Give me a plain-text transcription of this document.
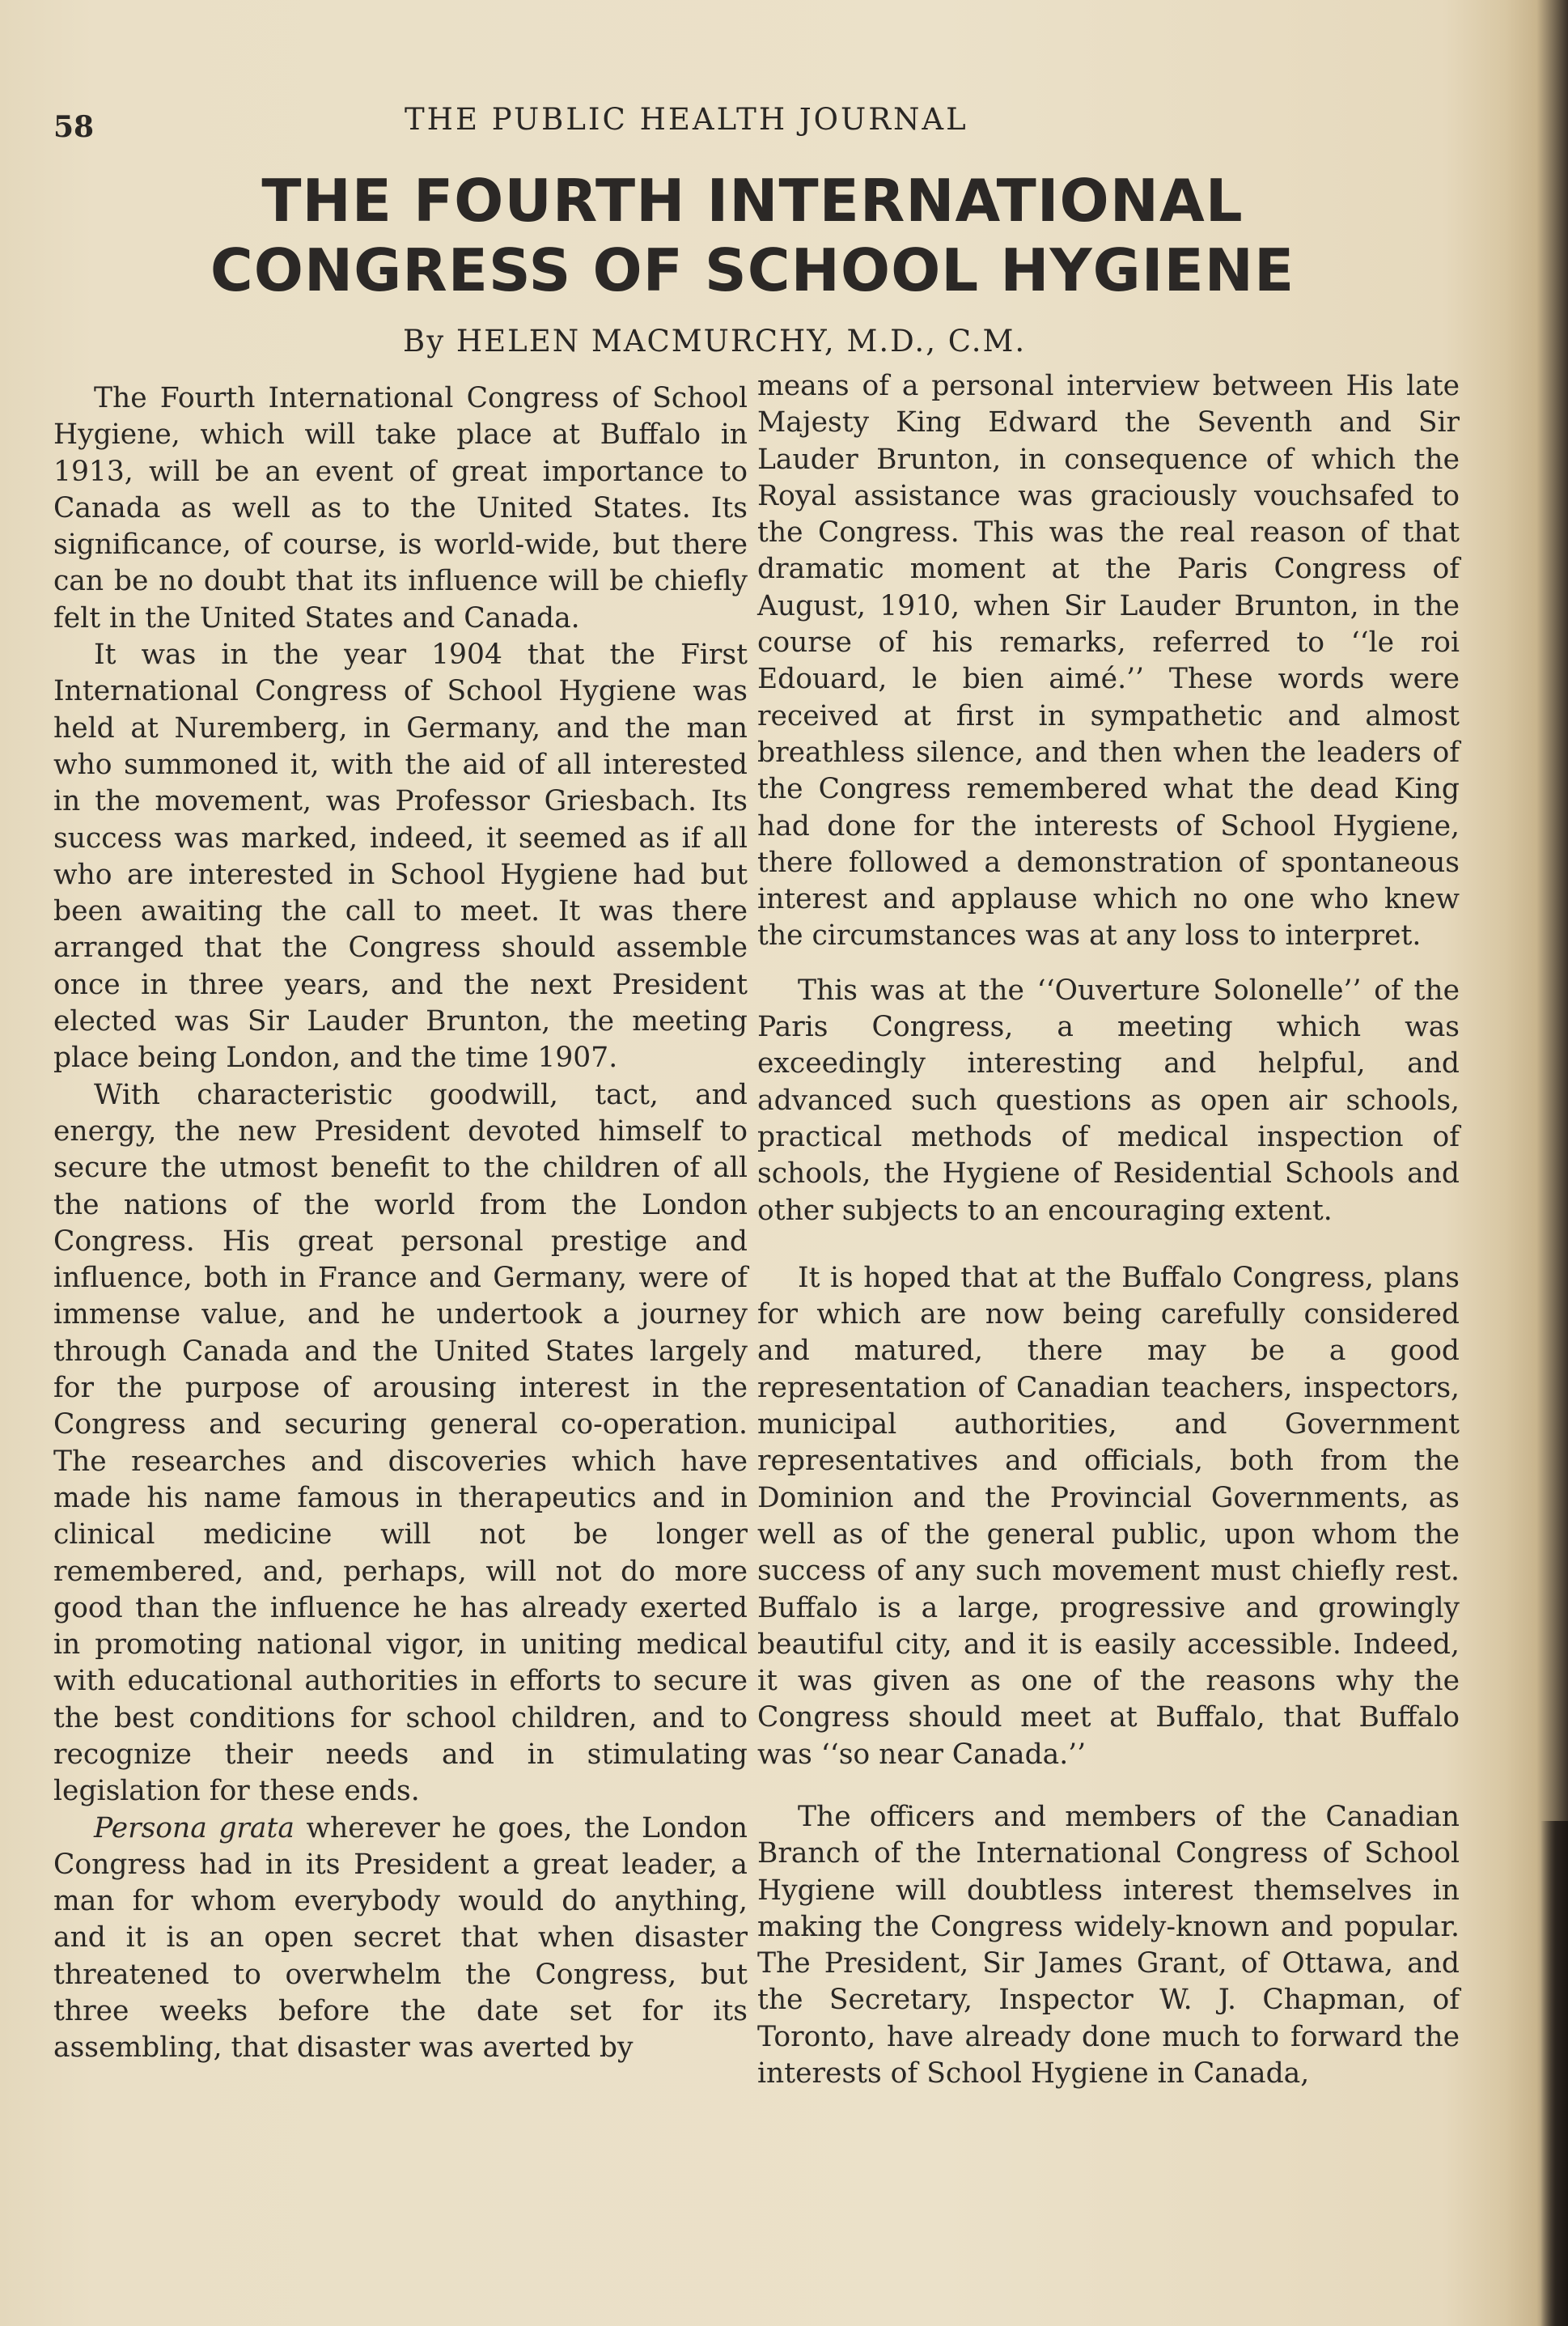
58	THE PUBLIC HEALTH JOURNAL

THE FOURTH INTERNATIONAL
CONGRESS OF SCHOOL HYGIENE

By HELEN MACMURCHY, M.D., C.M.

The Fourth International Congress of School Hygiene, which will take place at Buffalo in 1913, will be an event of great importance to Canada as well as to the United States. Its significance, of course, is world-wide, but there can be no doubt that its influence will be chiefly felt in the United States and Canada.

It was in the year 1904 that the First International Congress of School Hygiene was held at Nuremberg, in Germany, and the man who summoned it, with the aid of all interested in the movement, was Professor Griesbach. Its success was marked, indeed, it seemed as if all who are interested in School Hygiene had but been awaiting the call to meet. It was there arranged that the Congress should assemble once in three years, and the next President elected was Sir Lauder Brunton, the meeting place being London, and the time 1907.

With characteristic goodwill, tact, and energy, the new President devoted himself to secure the utmost benefit to the children of all the nations of the world from the London Congress. His great personal prestige and influence, both in France and Germany, were of immense value, and he undertook a journey through Canada and the United States largely for the purpose of arousing interest in the Congress and securing general co-operation. The researches and discoveries which have made his name famous in therapeutics and in clinical medicine will not be longer remembered, and, perhaps, will not do more good than the influence he has already exerted in promoting national vigor, in uniting medical with educational authorities in efforts to secure the best conditions for school children, and to recognize their needs and in stimulating legislation for these ends.

Persona grata wherever he goes, the London Congress had in its President a great leader, a man for whom everybody would do anything, and it is an open secret that when disaster threatened to overwhelm the Congress, but three weeks before the date set for its assembling, that disaster was averted by

means of a personal interview between His late Majesty King Edward the Seventh and Sir Lauder Brunton, in consequence of which the Royal assistance was graciously vouchsafed to the Congress. This was the real reason of that dramatic moment at the Paris Congress of August, 1910, when Sir Lauder Brunton, in the course of his remarks, referred to ‘‘le roi Edouard, le bien aimé.’’ These words were received at first in sympathetic and almost breathless silence, and then when the leaders of the Congress remembered what the dead King had done for the interests of School Hygiene, there followed a demonstration of spontaneous interest and applause which no one who knew the circumstances was at any loss to interpret.

This was at the ‘‘Ouverture Solonelle’’ of the Paris Congress, a meeting which was exceedingly interesting and helpful, and advanced such questions as open air schools, practical methods of medical inspection of schools, the Hygiene of Residential Schools and other subjects to an encouraging extent.

It is hoped that at the Buffalo Congress, plans for which are now being carefully considered and matured, there may be a good representation of Canadian teachers, inspectors, municipal authorities, and Government representatives and officials, both from the Dominion and the Provincial Governments, as well as of the general public, upon whom the success of any such movement must chiefly rest. Buffalo is a large, progressive and growingly beautiful city, and it is easily accessible. Indeed, it was given as one of the reasons why the Congress should meet at Buffalo, that Buffalo was ‘‘so near Canada.’’

The officers and members of the Canadian Branch of the International Congress of School Hygiene will doubtless interest themselves in making the Congress widely-known and popular. The President, Sir James Grant, of Ottawa, and the Secretary, Inspector W. J. Chapman, of Toronto, have already done much to forward the interests of School Hygiene in Canada,
